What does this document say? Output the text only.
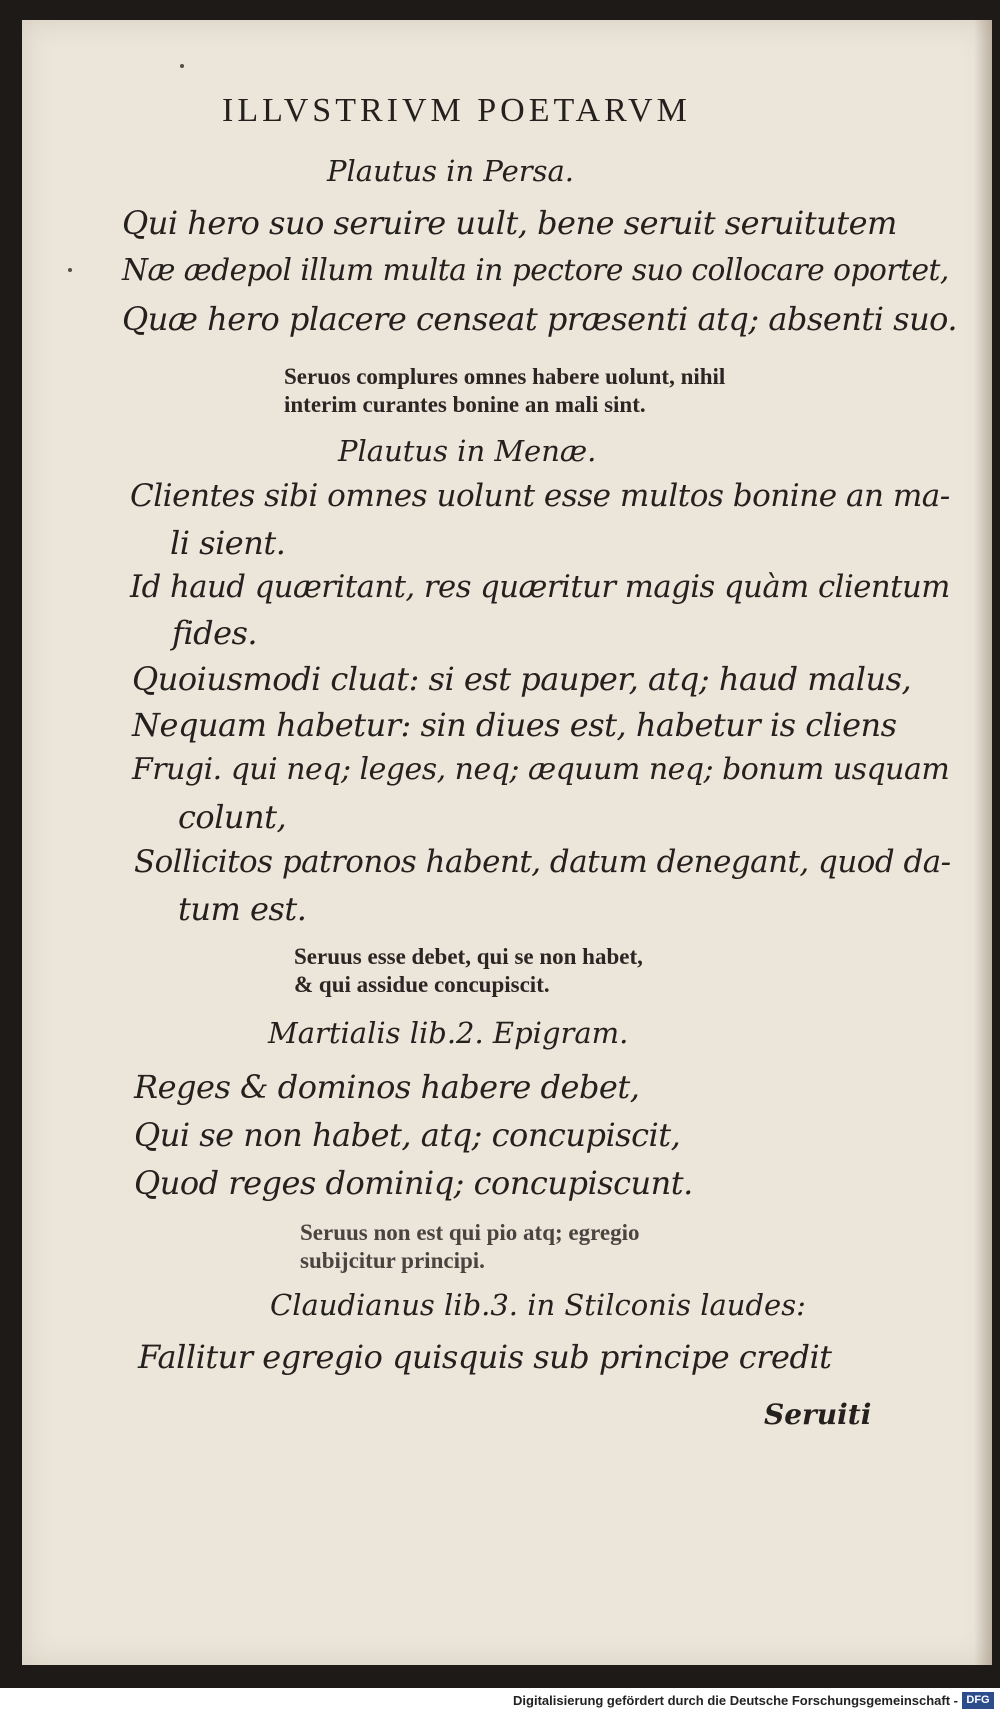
ILLVSTRIVM POETARVM
Plautus in Persa.
Qui hero suo seruire uult, bene seruit seruitutem
Næ ædepol illum multa in pectore suo collocare oportet,
Quæ hero placere censeat præsenti atq; absenti suo.
Seruos complures omnes habere uolunt, nihil
interim curantes bonine an mali sint.
Plautus in Menæ.
Clientes sibi omnes uolunt esse multos bonine an ma-
li sient.
Id haud quæritant, res quæritur magis quàm clientum
fides.
Quoiusmodi cluat: si est pauper, atq; haud malus,
Nequam habetur: sin diues est, habetur is cliens
Frugi. qui neq; leges, neq; æquum neq; bonum usquam
colunt,
Sollicitos patronos habent, datum denegant, quod da-
tum est.
Seruus esse debet, qui se non habet,
& qui assidue concupiscit.
Martialis lib.2. Epigram.
Reges & dominos habere debet,
Qui se non habet, atq; concupiscit,
Quod reges dominiq; concupiscunt.
Seruus non est qui pio atq; egregio
subijcitur principi.
Claudianus lib.3. in Stilconis laudes:
Fallitur egregio quisquis sub principe credit
Seruiti
Digitalisierung gefördert durch die Deutsche Forschungsgemeinschaft - DFG
